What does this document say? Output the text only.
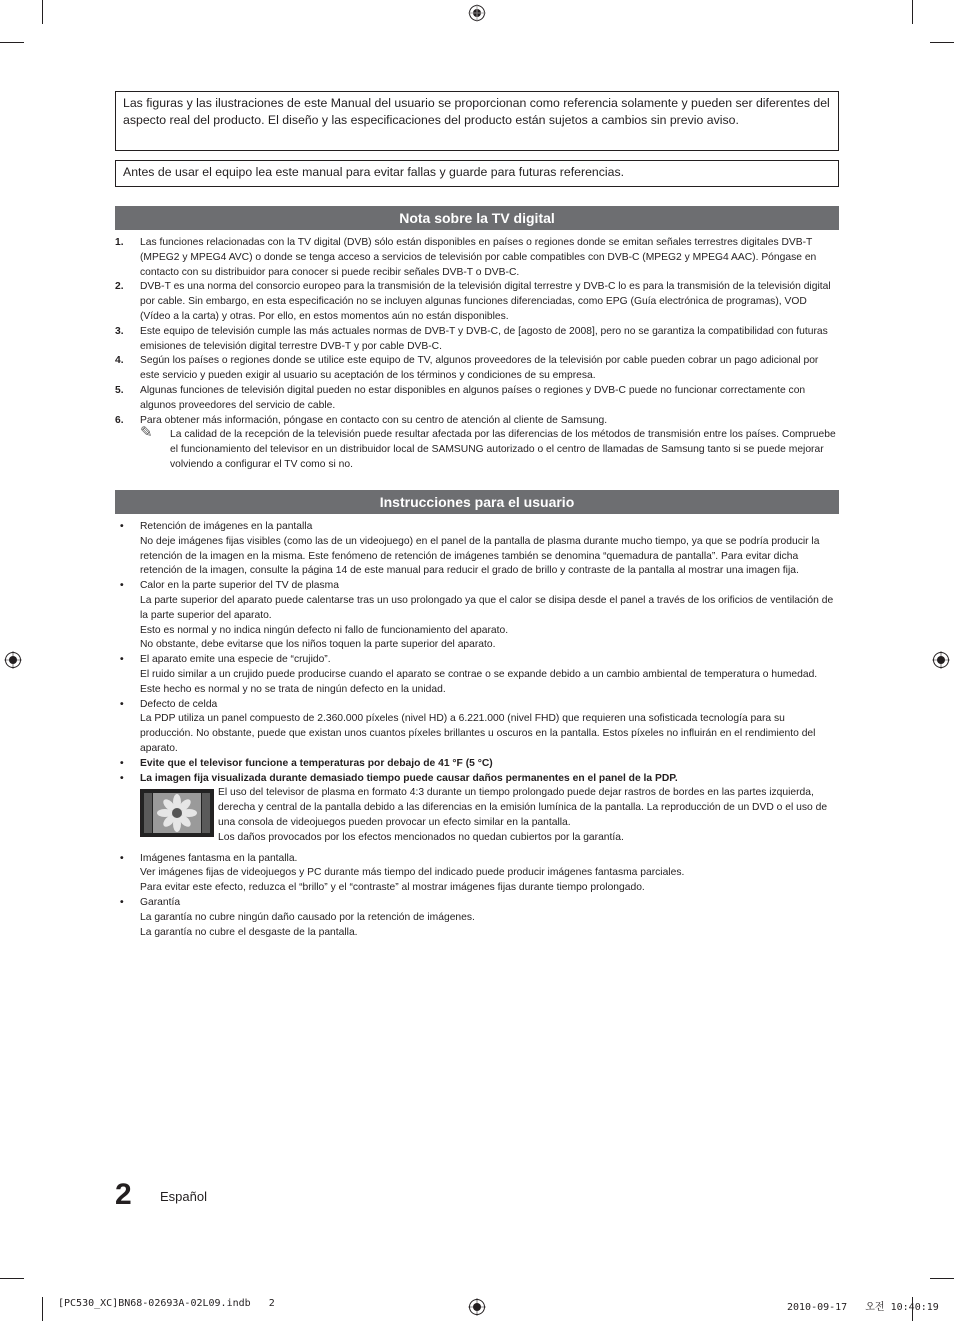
Las figuras y las ilustraciones de este Manual del usuario se proporcionan como referencia solamente y pueden ser diferentes del aspecto real del producto. El diseño y las especificaciones del producto están sujetos a cambios sin previo aviso.
Antes de usar el equipo lea este manual para evitar fallas y guarde para futuras referencias.
Nota sobre la TV digital
1. Las funciones relacionadas con la TV digital (DVB) sólo están disponibles en países o regiones donde se emitan señales terrestres digitales DVB-T (MPEG2 y MPEG4 AVC) o donde se tenga acceso a servicios de televisión por cable compatibles con DVB-C (MPEG2 y MPEG4 AAC). Póngase en contacto con su distribuidor para conocer si puede recibir señales DVB-T o DVB-C.
2. DVB-T es una norma del consorcio europeo para la transmisión de la televisión digital terrestre y DVB-C lo es para la transmisión de la televisión digital por cable. Sin embargo, en esta especificación no se incluyen algunas funciones diferenciadas, como EPG (Guía electrónica de programas), VOD (Vídeo a la carta) y otras. Por ello, en estos momentos aún no están disponibles.
3. Este equipo de televisión cumple las más actuales normas de DVB-T y DVB-C, de [agosto de 2008], pero no se garantiza la compatibilidad con futuras emisiones de televisión digital terrestre DVB-T y por cable DVB-C.
4. Según los países o regiones donde se utilice este equipo de TV, algunos proveedores de la televisión por cable pueden cobrar un pago adicional por este servicio y pueden exigir al usuario su aceptación de los términos y condiciones de su empresa.
5. Algunas funciones de televisión digital pueden no estar disponibles en algunos países o regiones y DVB-C puede no funcionar correctamente con algunos proveedores del servicio de cable.
6. Para obtener más información, póngase en contacto con su centro de atención al cliente de Samsung.
✎ La calidad de la recepción de la televisión puede resultar afectada por las diferencias de los métodos de transmisión entre los países. Compruebe el funcionamiento del televisor en un distribuidor local de SAMSUNG autorizado o el centro de llamadas de Samsung tanto si se puede mejorar volviendo a configurar el TV como si no.
Instrucciones para el usuario
• Retención de imágenes en la pantalla
No deje imágenes fijas visibles (como las de un videojuego) en el panel de la pantalla de plasma durante mucho tiempo, ya que se podría producir la retención de la imagen en la misma. Este fenómeno de retención de imágenes también se denomina “quemadura de pantalla”. Para evitar dicha retención de la imagen, consulte la página 14 de este manual para reducir el grado de brillo y contraste de la pantalla al mostrar una imagen fija.
• Calor en la parte superior del TV de plasma
La parte superior del aparato puede calentarse tras un uso prolongado ya que el calor se disipa desde el panel a través de los orificios de ventilación de la parte superior del aparato.
Esto es normal y no indica ningún defecto ni fallo de funcionamiento del aparato.
No obstante, debe evitarse que los niños toquen la parte superior del aparato.
• El aparato emite una especie de “crujido”.
El ruido similar a un crujido puede producirse cuando el aparato se contrae o se expande debido a un cambio ambiental de temperatura o humedad. Este hecho es normal y no se trata de ningún defecto en la unidad.
• Defecto de celda
La PDP utiliza un panel compuesto de 2.360.000 píxeles (nivel HD) a 6.221.000 (nivel FHD) que requieren una sofisticada tecnología para su producción. No obstante, puede que existan unos cuantos píxeles brillantes u oscuros en la pantalla. Estos píxeles no influirán en el rendimiento del aparato.
• Evite que el televisor funcione a temperaturas por debajo de 41 °F (5 °C)
• La imagen fija visualizada durante demasiado tiempo puede causar daños permanentes en el panel de la PDP.
El uso del televisor de plasma en formato 4:3 durante un tiempo prolongado puede dejar rastros de bordes en las partes izquierda, derecha y central de la pantalla debido a las diferencias en la emisión lumínica de la pantalla. La reproducción de un DVD o el uso de una consola de videojuegos pueden provocar un efecto similar en la pantalla.
Los daños provocados por los efectos mencionados no quedan cubiertos por la garantía.
• Imágenes fantasma en la pantalla.
Ver imágenes fijas de videojuegos y PC durante más tiempo del indicado puede producir imágenes fantasma parciales.
Para evitar este efecto, reduzca el “brillo” y el “contraste” al mostrar imágenes fijas durante tiempo prolongado.
• Garantía
La garantía no cubre ningún daño causado por la retención de imágenes.
La garantía no cubre el desgaste de la pantalla.
2 Español
[PC530_XC]BN68-02693A-02L09.indb   2	2010-09-17   오전 10:40:19
